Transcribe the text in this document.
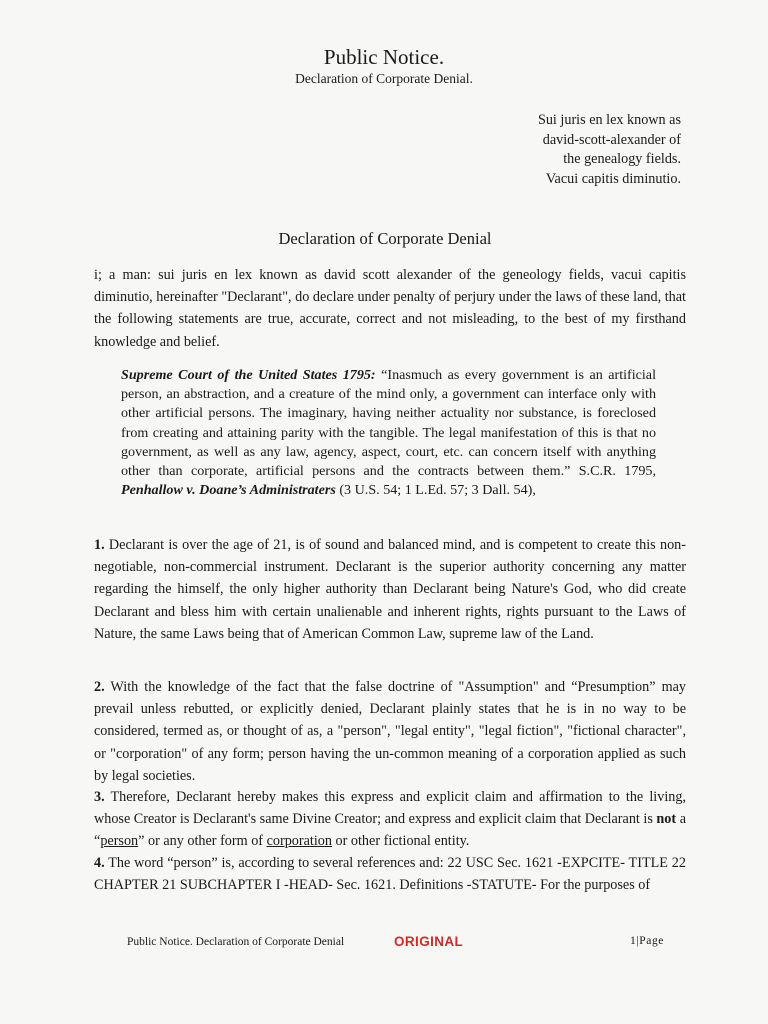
Public Notice.
Declaration of Corporate Denial.
Sui juris en lex known as
david-scott-alexander of
the genealogy fields.
Vacui capitis diminutio.
Declaration of Corporate Denial
i; a man: sui juris en lex known as david scott alexander of the geneology fields, vacui capitis diminutio, hereinafter "Declarant", do declare under penalty of perjury under the laws of these land, that the following statements are true, accurate, correct and not misleading, to the best of my firsthand knowledge and belief.
Supreme Court of the United States 1795: “Inasmuch as every government is an artificial person, an abstraction, and a creature of the mind only, a government can interface only with other artificial persons. The imaginary, having neither actuality nor substance, is foreclosed from creating and attaining parity with the tangible. The legal manifestation of this is that no government, as well as any law, agency, aspect, court, etc. can concern itself with anything other than corporate, artificial persons and the contracts between them.” S.C.R. 1795, Penhallow v. Doane’s Administraters (3 U.S. 54; 1 L.Ed. 57; 3 Dall. 54),
1. Declarant is over the age of 21, is of sound and balanced mind, and is competent to create this non-negotiable, non-commercial instrument. Declarant is the superior authority concerning any matter regarding the himself, the only higher authority than Declarant being Nature's God, who did create Declarant and bless him with certain unalienable and inherent rights, rights pursuant to the Laws of Nature, the same Laws being that of American Common Law, supreme law of the Land.
2. With the knowledge of the fact that the false doctrine of "Assumption" and “Presumption” may prevail unless rebutted, or explicitly denied, Declarant plainly states that he is in no way to be considered, termed as, or thought of as, a "person", "legal entity", "legal fiction", "fictional character", or "corporation" of any form; person having the un-common meaning of a corporation applied as such by legal societies.
3. Therefore, Declarant hereby makes this express and explicit claim and affirmation to the living, whose Creator is Declarant's same Divine Creator; and express and explicit claim that Declarant is not a “person” or any other form of corporation or other fictional entity.
4. The word “person” is, according to several references and: 22 USC Sec. 1621 -EXPCITE- TITLE 22 CHAPTER 21 SUBCHAPTER I -HEAD- Sec. 1621. Definitions -STATUTE- For the purposes of
Public Notice. Declaration of Corporate Denial	ORIGINAL	1|Page
